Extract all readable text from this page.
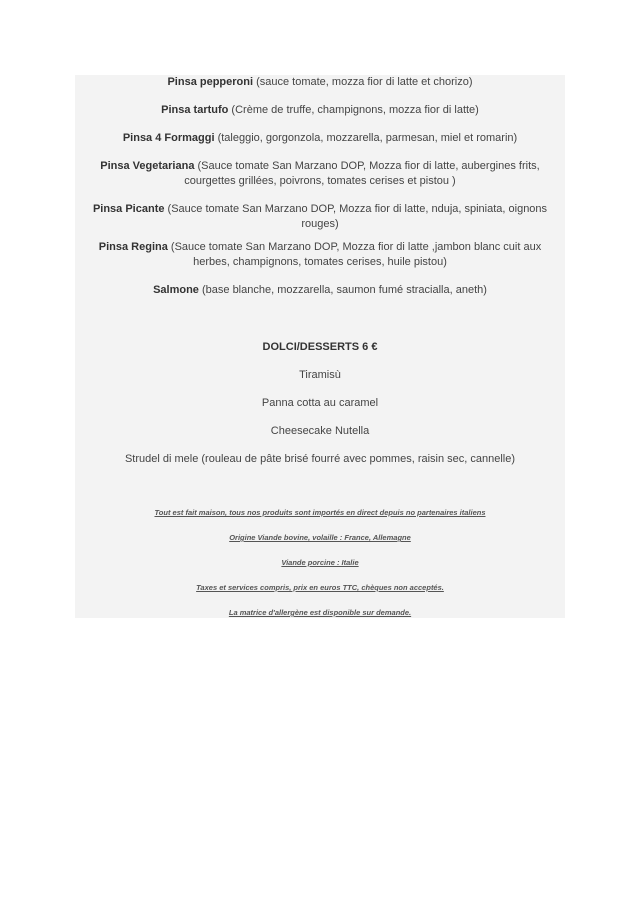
Pinsa pepperoni (sauce tomate, mozza fior di latte et chorizo)
Pinsa tartufo (Crème de truffe, champignons, mozza fior di latte)
Pinsa 4 Formaggi (taleggio, gorgonzola, mozzarella, parmesan, miel et romarin)
Pinsa Vegetariana (Sauce tomate San Marzano DOP, Mozza fior di latte, aubergines frits, courgettes grillées, poivrons, tomates cerises et pistou )
Pinsa Picante (Sauce tomate San Marzano DOP, Mozza fior di latte, nduja, spiniata, oignons rouges)
Pinsa Regina (Sauce tomate San Marzano DOP, Mozza fior di latte ,jambon blanc cuit aux herbes, champignons, tomates cerises, huile pistou)
Salmone (base blanche, mozzarella, saumon fumé stracialla, aneth)
DOLCI/DESSERTS 6 €
Tiramisù
Panna cotta au caramel
Cheesecake Nutella
Strudel di mele (rouleau de pâte brisé fourré avec pommes, raisin sec, cannelle)
Tout est fait maison, tous nos produits sont importés en direct depuis no partenaires italiens
Origine Viande bovine, volaille : France, Allemagne
Viande porcine : Italie
Taxes et services compris, prix en euros TTC, chèques non acceptés.
La matrice d'allergène est disponible sur demande.
